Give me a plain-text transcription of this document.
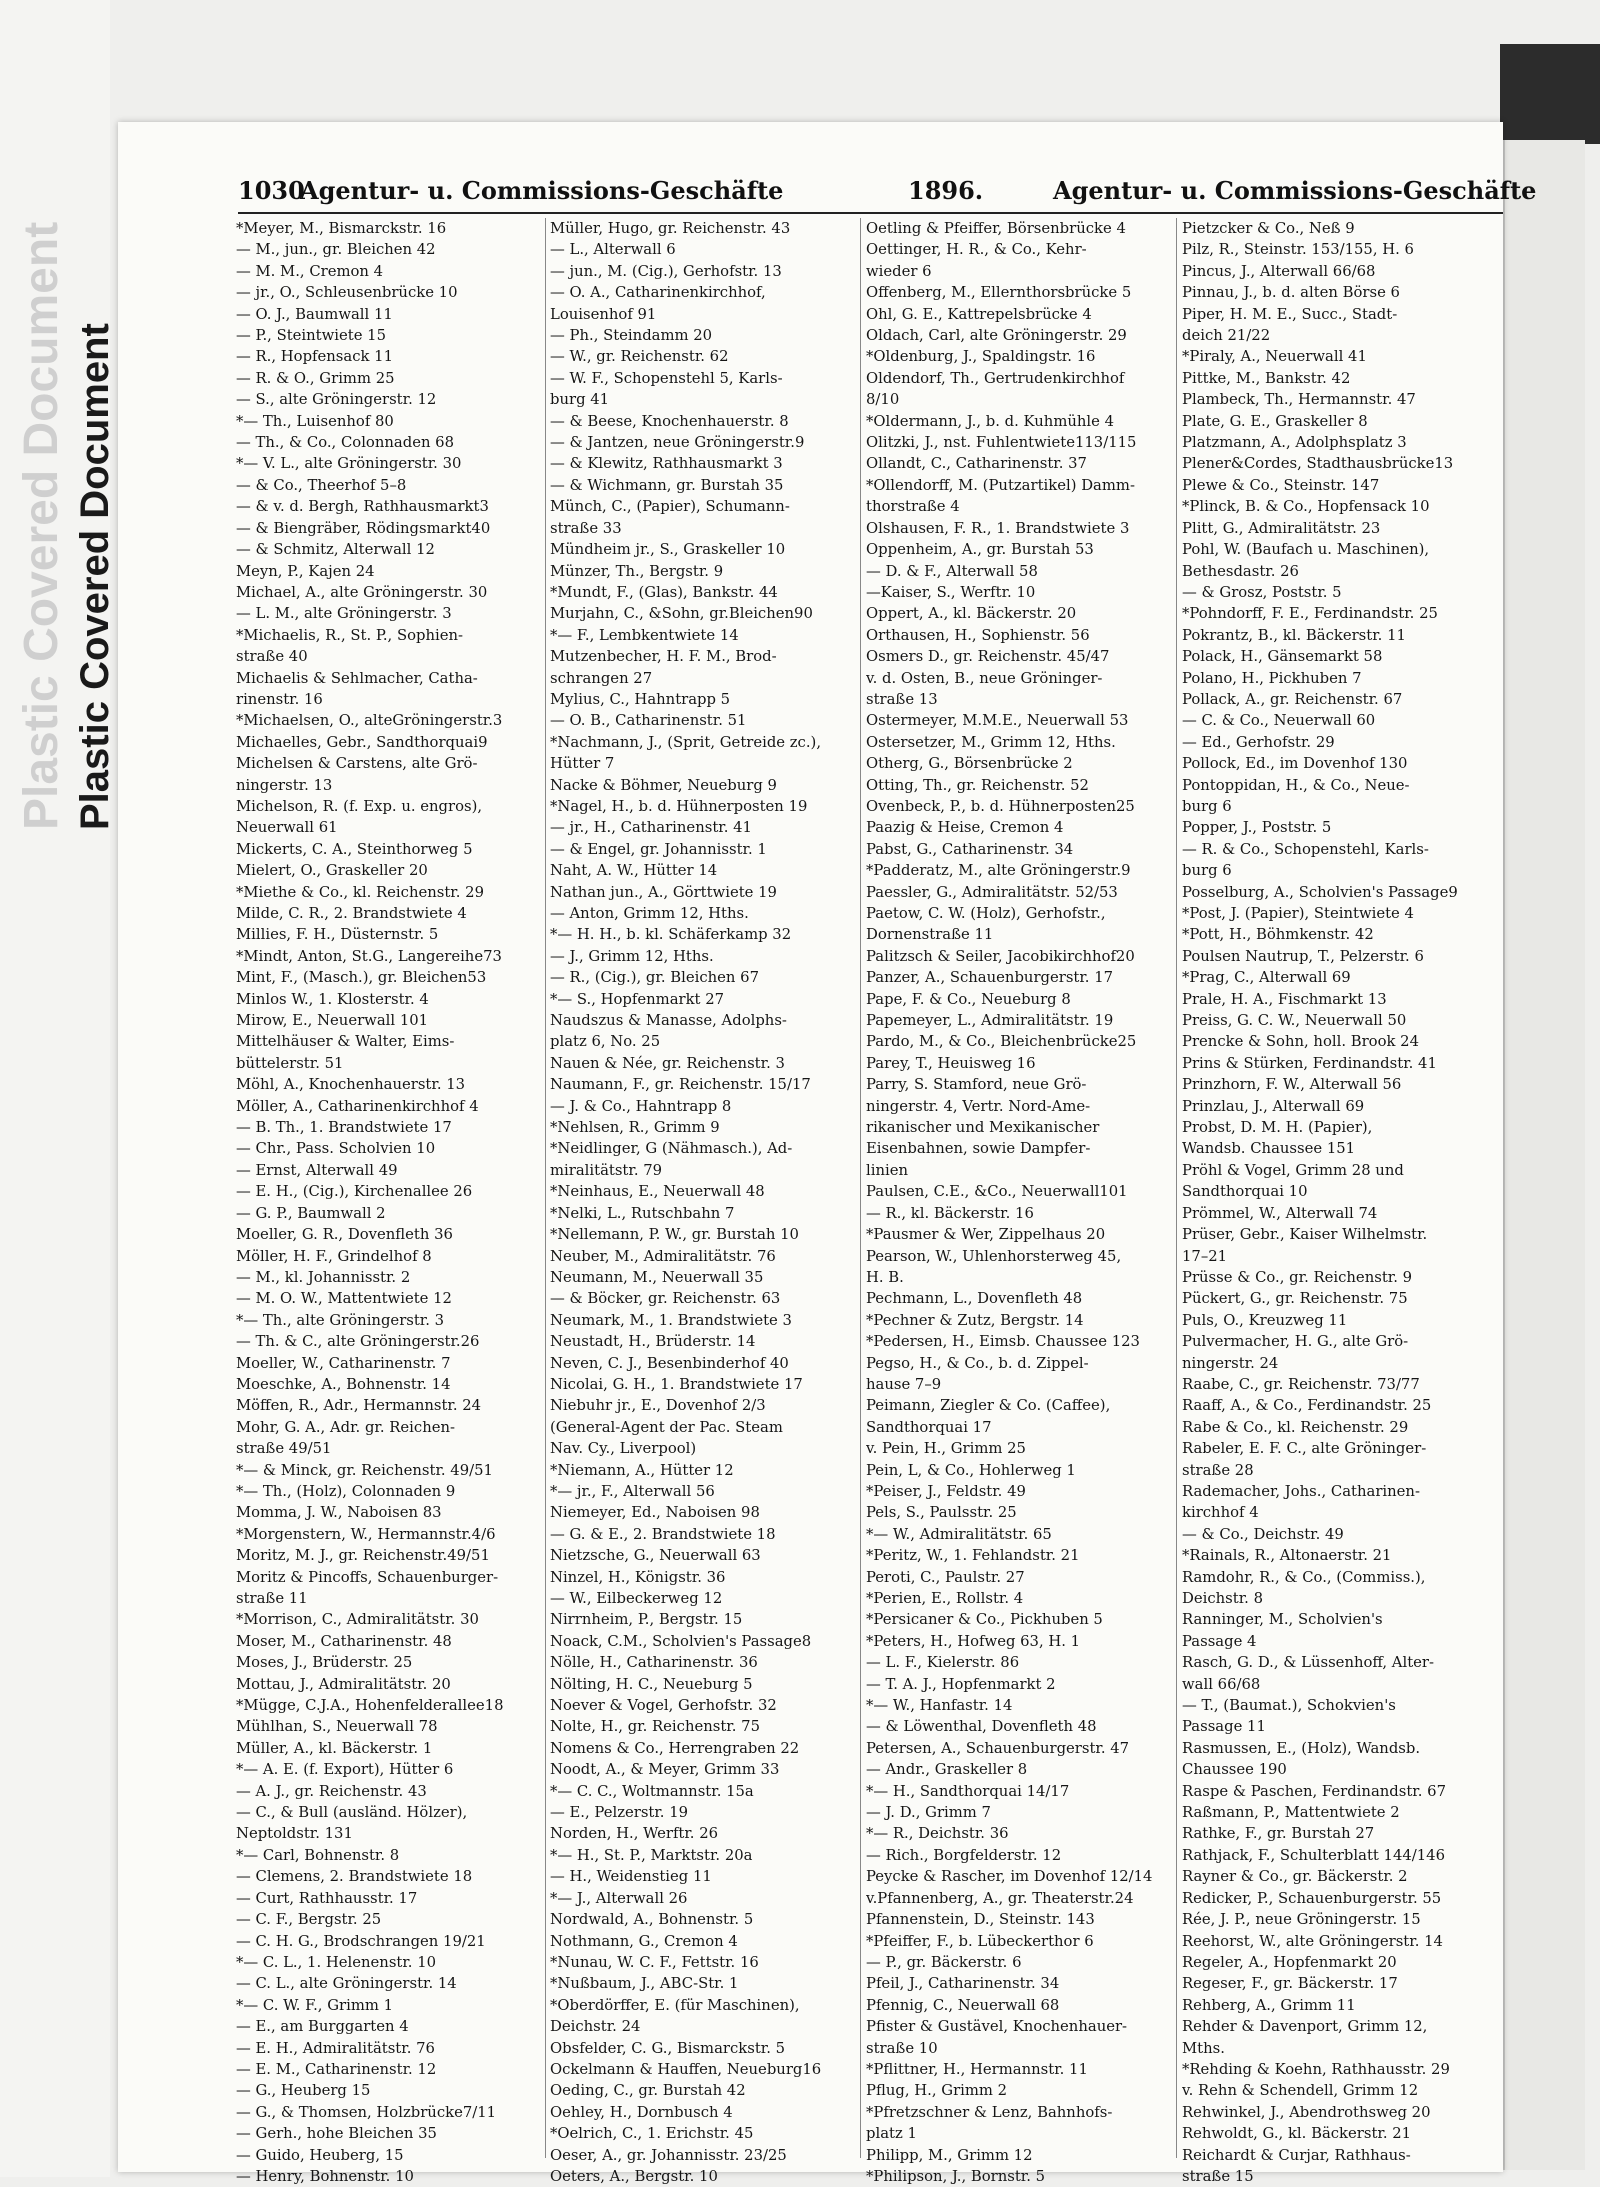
Plastic Covered Document Plastic Covered Document
1030
Agentur- u. Commissions-Geschäfte	1896.	Agentur- u. Commissions-Geschäfte
*Meyer, M., Bismarckstr. 16
— M., jun., gr. Bleichen 42
— M. M., Cremon 4
— jr., O., Schleusenbrücke 10
— O. J., Baumwall 11
— P., Steintwiete 15
— R., Hopfensack 11
— R. & O., Grimm 25
— S., alte Gröningerstr. 12
*— Th., Luisenhof 80
— Th., & Co., Colonnaden 68
*— V. L., alte Gröningerstr. 30
— & Co., Theerhof 5–8
— & v. d. Bergh, Rathhausmarkt3
— & Biengräber, Rödingsmarkt40
— & Schmitz, Alterwall 12
Meyn, P., Kajen 24
Michael, A., alte Gröningerstr. 30
— L. M., alte Gröningerstr. 3
*Michaelis, R., St. P., Sophien-
straße 40
Michaelis & Sehlmacher, Catha-
rinenstr. 16
*Michaelsen, O., alteGröningerstr.3
Michaelles, Gebr., Sandthorquai9
Michelsen & Carstens, alte Grö-
ningerstr. 13
Michelson, R. (f. Exp. u. engros),
Neuerwall 61
Mickerts, C. A., Steinthorweg 5
Mielert, O., Graskeller 20
*Miethe & Co., kl. Reichenstr. 29
Milde, C. R., 2. Brandstwiete 4
Millies, F. H., Düsternstr. 5
*Mindt, Anton, St.G., Langereihe73
Mint, F., (Masch.), gr. Bleichen53
Minlos W., 1. Klosterstr. 4
Mirow, E., Neuerwall 101
Mittelhäuser & Walter, Eims-
büttelerstr. 51
Möhl, A., Knochenhauerstr. 13
Möller, A., Catharinenkirchhof 4
— B. Th., 1. Brandstwiete 17
— Chr., Pass. Scholvien 10
— Ernst, Alterwall 49
— E. H., (Cig.), Kirchenallee 26
— G. P., Baumwall 2
Moeller, G. R., Dovenfleth 36
Möller, H. F., Grindelhof 8
— M., kl. Johannisstr. 2
— M. O. W., Mattentwiete 12
*— Th., alte Gröningerstr. 3
— Th. & C., alte Gröningerstr.26
Moeller, W., Catharinenstr. 7
Moeschke, A., Bohnenstr. 14
Möffen, R., Adr., Hermannstr. 24
Mohr, G. A., Adr. gr. Reichen-
straße 49/51
*— & Minck, gr. Reichenstr. 49/51
*— Th., (Holz), Colonnaden 9
Momma, J. W., Naboisen 83
*Morgenstern, W., Hermannstr.4/6
Moritz, M. J., gr. Reichenstr.49/51
Moritz & Pincoffs, Schauenburger-
straße 11
*Morrison, C., Admiralitätstr. 30
Moser, M., Catharinenstr. 48
Moses, J., Brüderstr. 25
Mottau, J., Admiralitätstr. 20
*Mügge, C.J.A., Hohenfelderallee18
Mühlhan, S., Neuerwall 78
Müller, A., kl. Bäckerstr. 1
*— A. E. (f. Export), Hütter 6
— A. J., gr. Reichenstr. 43
— C., & Bull (ausländ. Hölzer),
Neptoldstr. 131
*— Carl, Bohnenstr. 8
— Clemens, 2. Brandstwiete 18
— Curt, Rathhausstr. 17
— C. F., Bergstr. 25
— C. H. G., Brodschrangen 19/21
*— C. L., 1. Helenenstr. 10
— C. L., alte Gröningerstr. 14
*— C. W. F., Grimm 1
— E., am Burggarten 4
— E. H., Admiralitätstr. 76
— E. M., Catharinenstr. 12
— G., Heuberg 15
— G., & Thomsen, Holzbrücke7/11
— Gerh., hohe Bleichen 35
— Guido, Heuberg, 15
— Henry, Bohnenstr. 10
Müller, Hugo, gr. Reichenstr. 43
— L., Alterwall 6
— jun., M. (Cig.), Gerhofstr. 13
— O. A., Catharinenkirchhof,
Louisenhof 91
— Ph., Steindamm 20
— W., gr. Reichenstr. 62
— W. F., Schopenstehl 5, Karls-
burg 41
— & Beese, Knochenhauerstr. 8
— & Jantzen, neue Gröningerstr.9
— & Klewitz, Rathhausmarkt 3
— & Wichmann, gr. Burstah 35
Münch, C., (Papier), Schumann-
straße 33
Mündheim jr., S., Graskeller 10
Münzer, Th., Bergstr. 9
*Mundt, F., (Glas), Bankstr. 44
Murjahn, C., &Sohn, gr.Bleichen90
*— F., Lembkentwiete 14
Mutzenbecher, H. F. M., Brod-
schrangen 27
Mylius, C., Hahntrapp 5
— O. B., Catharinenstr. 51
*Nachmann, J., (Sprit, Getreide zc.),
Hütter 7
Nacke & Böhmer, Neueburg 9
*Nagel, H., b. d. Hühnerposten 19
— jr., H., Catharinenstr. 41
— & Engel, gr. Johannisstr. 1
Naht, A. W., Hütter 14
Nathan jun., A., Görttwiete 19
— Anton, Grimm 12, Hths.
*— H. H., b. kl. Schäferkamp 32
— J., Grimm 12, Hths.
— R., (Cig.), gr. Bleichen 67
*— S., Hopfenmarkt 27
Naudszus & Manasse, Adolphs-
platz 6, No. 25
Nauen & Née, gr. Reichenstr. 3
Naumann, F., gr. Reichenstr. 15/17
— J. & Co., Hahntrapp 8
*Nehlsen, R., Grimm 9
*Neidlinger, G (Nähmasch.), Ad-
miralitätstr. 79
*Neinhaus, E., Neuerwall 48
*Nelki, L., Rutschbahn 7
*Nellemann, P. W., gr. Burstah 10
Neuber, M., Admiralitätstr. 76
Neumann, M., Neuerwall 35
— & Böcker, gr. Reichenstr. 63
Neumark, M., 1. Brandstwiete 3
Neustadt, H., Brüderstr. 14
Neven, C. J., Besenbinderhof 40
Nicolai, G. H., 1. Brandstwiete 17
Niebuhr jr., E., Dovenhof 2/3
(General-Agent der Pac. Steam
Nav. Cy., Liverpool)
*Niemann, A., Hütter 12
*— jr., F., Alterwall 56
Niemeyer, Ed., Naboisen 98
— G. & E., 2. Brandstwiete 18
Nietzsche, G., Neuerwall 63
Ninzel, H., Königstr. 36
— W., Eilbeckerweg 12
Nirrnheim, P., Bergstr. 15
Noack, C.M., Scholvien's Passage8
Nölle, H., Catharinenstr. 36
Nölting, H. C., Neueburg 5
Noever & Vogel, Gerhofstr. 32
Nolte, H., gr. Reichenstr. 75
Nomens & Co., Herrengraben 22
Noodt, A., & Meyer, Grimm 33
*— C. C., Woltmannstr. 15a
— E., Pelzerstr. 19
Norden, H., Werftr. 26
*— H., St. P., Marktstr. 20a
— H., Weidenstieg 11
*— J., Alterwall 26
Nordwald, A., Bohnenstr. 5
Nothmann, G., Cremon 4
*Nunau, W. C. F., Fettstr. 16
*Nußbaum, J., ABC-Str. 1
*Oberdörffer, E. (für Maschinen),
Deichstr. 24
Obsfelder, C. G., Bismarckstr. 5
Ockelmann & Hauffen, Neueburg16
Oeding, C., gr. Burstah 42
Oehley, H., Dornbusch 4
*Oelrich, C., 1. Erichstr. 45
Oeser, A., gr. Johannisstr. 23/25
Oeters, A., Bergstr. 10
Oetling & Pfeiffer, Börsenbrücke 4
Oettinger, H. R., & Co., Kehr-
wieder 6
Offenberg, M., Ellernthorsbrücke 5
Ohl, G. E., Kattrepelsbrücke 4
Oldach, Carl, alte Gröningerstr. 29
*Oldenburg, J., Spaldingstr. 16
Oldendorf, Th., Gertrudenkirchhof
8/10
*Oldermann, J., b. d. Kuhmühle 4
Olitzki, J., nst. Fuhlentwiete113/115
Ollandt, C., Catharinenstr. 37
*Ollendorff, M. (Putzartikel) Damm-
thorstraße 4
Olshausen, F. R., 1. Brandstwiete 3
Oppenheim, A., gr. Burstah 53
— D. & F., Alterwall 58
—Kaiser, S., Werftr. 10
Oppert, A., kl. Bäckerstr. 20
Orthausen, H., Sophienstr. 56
Osmers D., gr. Reichenstr. 45/47
v. d. Osten, B., neue Gröninger-
straße 13
Ostermeyer, M.M.E., Neuerwall 53
Ostersetzer, M., Grimm 12, Hths.
Otherg, G., Börsenbrücke 2
Otting, Th., gr. Reichenstr. 52
Ovenbeck, P., b. d. Hühnerposten25
Paazig & Heise, Cremon 4
Pabst, G., Catharinenstr. 34
*Padderatz, M., alte Gröningerstr.9
Paessler, G., Admiralitätstr. 52/53
Paetow, C. W. (Holz), Gerhofstr.,
Dornenstraße 11
Palitzsch & Seiler, Jacobikirchhof20
Panzer, A., Schauenburgerstr. 17
Pape, F. & Co., Neueburg 8
Papemeyer, L., Admiralitätstr. 19
Pardo, M., & Co., Bleichenbrücke25
Parey, T., Heuisweg 16
Parry, S. Stamford, neue Grö-
ningerstr. 4, Vertr. Nord-Ame-
rikanischer und Mexikanischer
Eisenbahnen, sowie Dampfer-
linien
Paulsen, C.E., &Co., Neuerwall101
— R., kl. Bäckerstr. 16
*Pausmer & Wer, Zippelhaus 20
Pearson, W., Uhlenhorsterweg 45,
H. B.
Pechmann, L., Dovenfleth 48
*Pechner & Zutz, Bergstr. 14
*Pedersen, H., Eimsb. Chaussee 123
Pegso, H., & Co., b. d. Zippel-
hause 7–9
Peimann, Ziegler & Co. (Caffee),
Sandthorquai 17
v. Pein, H., Grimm 25
Pein, L, & Co., Hohlerweg 1
*Peiser, J., Feldstr. 49
Pels, S., Paulsstr. 25
*— W., Admiralitätstr. 65
*Peritz, W., 1. Fehlandstr. 21
Peroti, C., Paulstr. 27
*Perien, E., Rollstr. 4
*Persicaner & Co., Pickhuben 5
*Peters, H., Hofweg 63, H. 1
— L. F., Kielerstr. 86
— T. A. J., Hopfenmarkt 2
*— W., Hanfastr. 14
— & Löwenthal, Dovenfleth 48
Petersen, A., Schauenburgerstr. 47
— Andr., Graskeller 8
*— H., Sandthorquai 14/17
— J. D., Grimm 7
*— R., Deichstr. 36
— Rich., Borgfelderstr. 12
Peycke & Rascher, im Dovenhof 12/14
v.Pfannenberg, A., gr. Theaterstr.24
Pfannenstein, D., Steinstr. 143
*Pfeiffer, F., b. Lübeckerthor 6
— P., gr. Bäckerstr. 6
Pfeil, J., Catharinenstr. 34
Pfennig, C., Neuerwall 68
Pfister & Gustävel, Knochenhauer-
straße 10
*Pflittner, H., Hermannstr. 11
Pflug, H., Grimm 2
*Pfretzschner & Lenz, Bahnhofs-
platz 1
Philipp, M., Grimm 12
*Philipson, J., Bornstr. 5
Pietzcker & Co., Neß 9
Pilz, R., Steinstr. 153/155, H. 6
Pincus, J., Alterwall 66/68
Pinnau, J., b. d. alten Börse 6
Piper, H. M. E., Succ., Stadt-
deich 21/22
*Piraly, A., Neuerwall 41
Pittke, M., Bankstr. 42
Plambeck, Th., Hermannstr. 47
Plate, G. E., Graskeller 8
Platzmann, A., Adolphsplatz 3
Plener&Cordes, Stadthausbrücke13
Plewe & Co., Steinstr. 147
*Plinck, B. & Co., Hopfensack 10
Plitt, G., Admiralitätstr. 23
Pohl, W. (Baufach u. Maschinen),
Bethesdastr. 26
— & Grosz, Poststr. 5
*Pohndorff, F. E., Ferdinandstr. 25
Pokrantz, B., kl. Bäckerstr. 11
Polack, H., Gänsemarkt 58
Polano, H., Pickhuben 7
Pollack, A., gr. Reichenstr. 67
— C. & Co., Neuerwall 60
— Ed., Gerhofstr. 29
Pollock, Ed., im Dovenhof 130
Pontoppidan, H., & Co., Neue-
burg 6
Popper, J., Poststr. 5
— R. & Co., Schopenstehl, Karls-
burg 6
Posselburg, A., Scholvien's Passage9
*Post, J. (Papier), Steintwiete 4
*Pott, H., Böhmkenstr. 42
Poulsen Nautrup, T., Pelzerstr. 6
*Prag, C., Alterwall 69
Prale, H. A., Fischmarkt 13
Preiss, G. C. W., Neuerwall 50
Prencke & Sohn, holl. Brook 24
Prins & Stürken, Ferdinandstr. 41
Prinzhorn, F. W., Alterwall 56
Prinzlau, J., Alterwall 69
Probst, D. M. H. (Papier),
Wandsb. Chaussee 151
Pröhl & Vogel, Grimm 28 und
Sandthorquai 10
Prömmel, W., Alterwall 74
Prüser, Gebr., Kaiser Wilhelmstr.
17–21
Prüsse & Co., gr. Reichenstr. 9
Pückert, G., gr. Reichenstr. 75
Puls, O., Kreuzweg 11
Pulvermacher, H. G., alte Grö-
ningerstr. 24
Raabe, C., gr. Reichenstr. 73/77
Raaff, A., & Co., Ferdinandstr. 25
Rabe & Co., kl. Reichenstr. 29
Rabeler, E. F. C., alte Gröninger-
straße 28
Rademacher, Johs., Catharinen-
kirchhof 4
— & Co., Deichstr. 49
*Rainals, R., Altonaerstr. 21
Ramdohr, R., & Co., (Commiss.),
Deichstr. 8
Ranninger, M., Scholvien's
Passage 4
Rasch, G. D., & Lüssenhoff, Alter-
wall 66/68
— T., (Baumat.), Schokvien's
Passage 11
Rasmussen, E., (Holz), Wandsb.
Chaussee 190
Raspe & Paschen, Ferdinandstr. 67
Raßmann, P., Mattentwiete 2
Rathke, F., gr. Burstah 27
Rathjack, F., Schulterblatt 144/146
Rayner & Co., gr. Bäckerstr. 2
Redicker, P., Schauenburgerstr. 55
Rée, J. P., neue Gröningerstr. 15
Reehorst, W., alte Gröningerstr. 14
Regeler, A., Hopfenmarkt 20
Regeser, F., gr. Bäckerstr. 17
Rehberg, A., Grimm 11
Rehder & Davenport, Grimm 12,
Mths.
*Rehding & Koehn, Rathhausstr. 29
v. Rehn & Schendell, Grimm 12
Rehwinkel, J., Abendrothsweg 20
Rehwoldt, G., kl. Bäckerstr. 21
Reichardt & Curjar, Rathhaus-
straße 15
